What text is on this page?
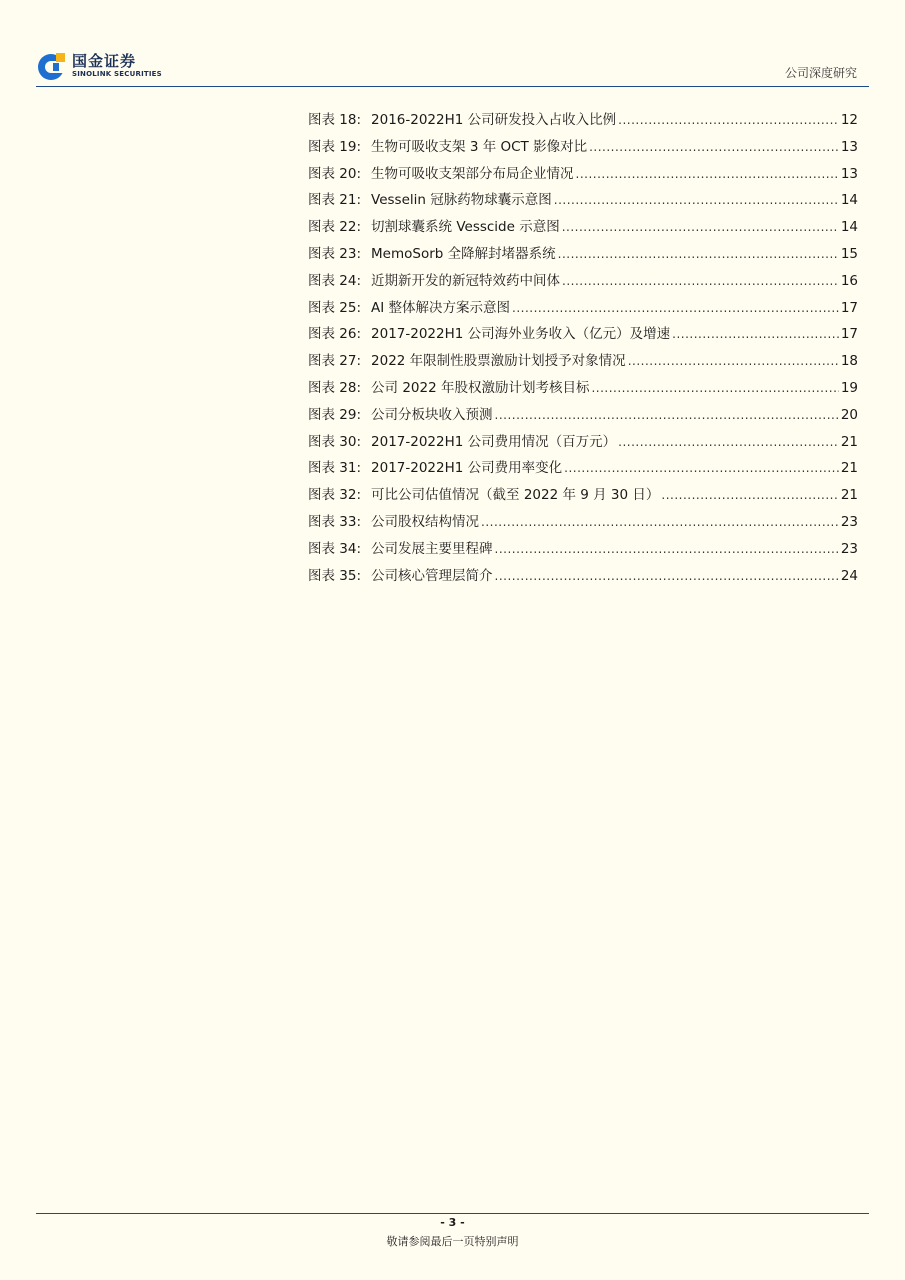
国金证券
SINOLINK SECURITIES	公司深度研究
图表 18: 2016-2022H1 公司研发投入占收入比例 .....	12
图表 19: 生物可吸收支架 3 年 OCT 影像对比 .....	13
图表 20: 生物可吸收支架部分布局企业情况 .....	13
图表 21: Vesselin 冠脉药物球囊示意图 .....	14
图表 22: 切割球囊系统 Vesscide 示意图 .....	14
图表 23: MemoSorb 全降解封堵器系统 .....	15
图表 24: 近期新开发的新冠特效药中间体 .....	16
图表 25: AI 整体解决方案示意图 .....	17
图表 26: 2017-2022H1 公司海外业务收入（亿元）及增速 .....	17
图表 27: 2022 年限制性股票激励计划授予对象情况 .....	18
图表 28: 公司 2022 年股权激励计划考核目标 .....	19
图表 29: 公司分板块收入预测 .....	20
图表 30: 2017-2022H1 公司费用情况（百万元） .....	21
图表 31: 2017-2022H1 公司费用率变化 .....	21
图表 32: 可比公司估值情况（截至 2022 年 9 月 30 日） .....	21
图表 33: 公司股权结构情况 .....	23
图表 34: 公司发展主要里程碑 .....	23
图表 35: 公司核心管理层简介 .....	24
- 3 -
敬请参阅最后一页特别声明
